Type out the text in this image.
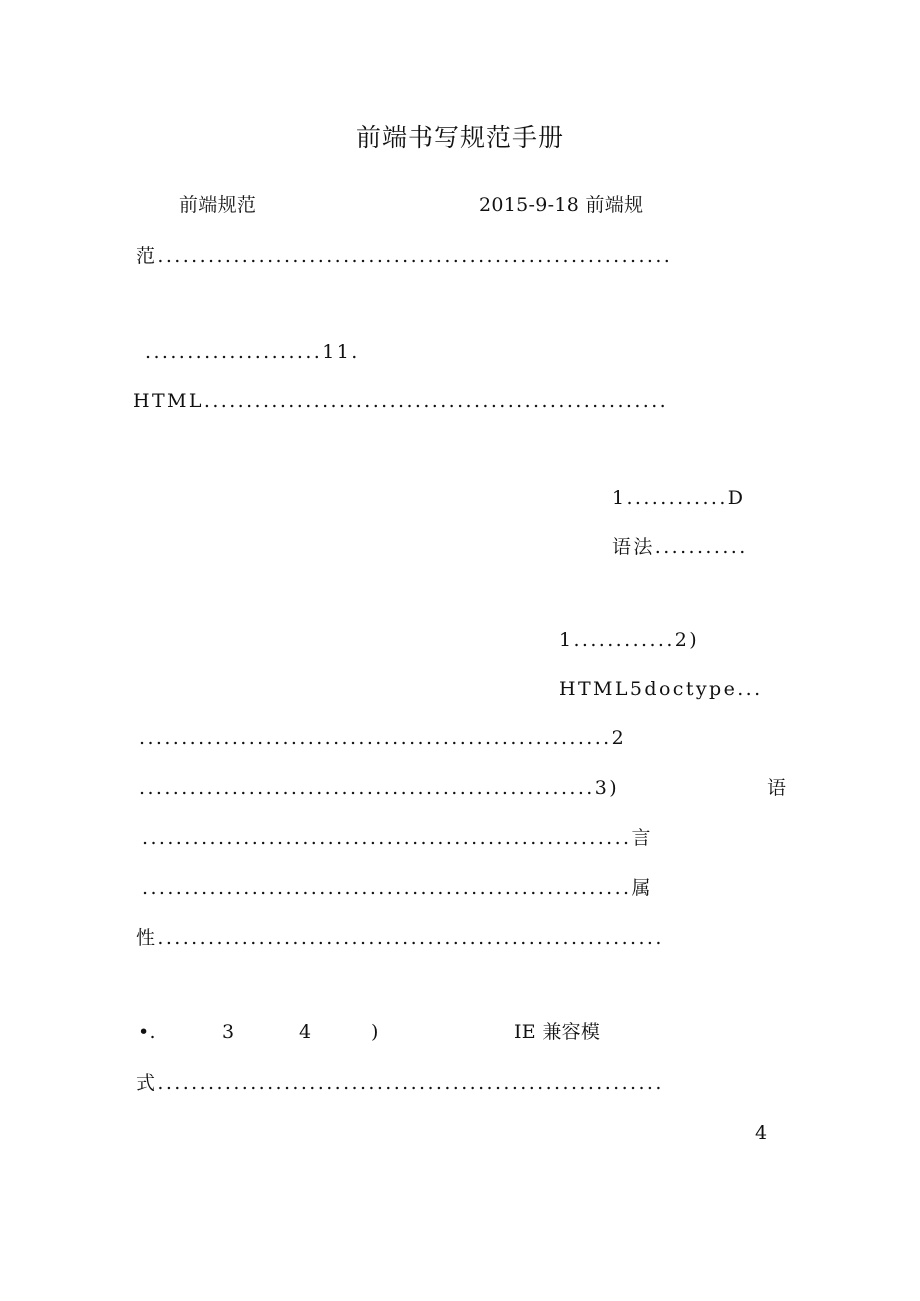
前端书写规范手册
前端规范	2015-9-18 前端规
范.............................................................
.....................11.
HTML.......................................................
1............D
语法...........
1............2)
HTML5doctype...
........................................................2
......................................................3)	语
..........................................................言
..........................................................属
性............................................................
•.	3	4	)	IE 兼容模
式............................................................
4
